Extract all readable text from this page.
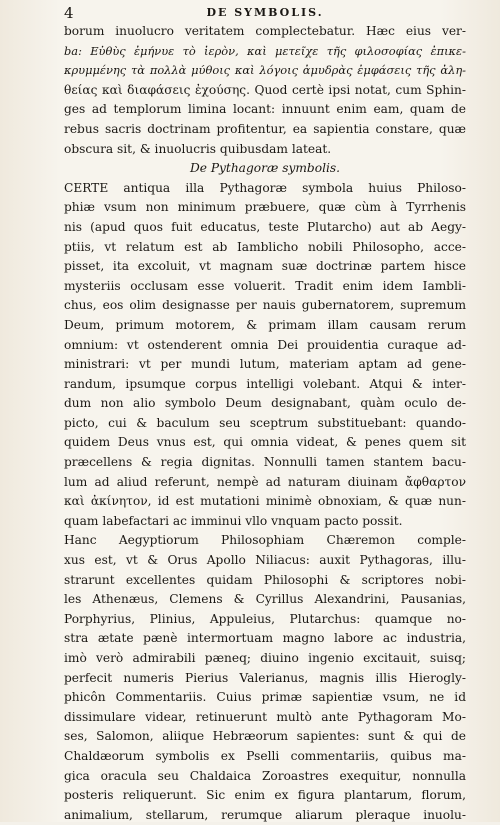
4	DE SYMBOLIS.
borum inuolucro veritatem complectebatur. Hæc eius ver-
ba: Εὐθὺς ἐμήνυε τὸ ἱερὸν, καὶ μετεῖχε τῆς φιλοσοφίας ἐπικε-
κρυμμένης τὰ πολλὰ μύθοις καὶ λόγοις ἀμυδρὰς ἐμφάσεις τῆς ἀλη-
θείας καὶ διαφάσεις ἐχούσης. Quod certè ipsi notat, cum Sphin-
ges ad templorum limina locant: innuunt enim eam, quam de
rebus sacris doctrinam profitentur, ea sapientia constare, quæ
obscura sit, & inuolucris quibusdam lateat.
De Pythagoræ symbolis.
CERTE antiqua illa Pythagoræ symbola huius Philoso-
phiæ vsum non minimum præbuere, quæ cùm à Tyrrhenis
nis (apud quos fuit educatus, teste Plutarcho) aut ab Aegy-
ptiis, vt relatum est ab Iamblicho nobili Philosopho, acce-
pisset, ita excoluit, vt magnam suæ doctrinæ partem hisce
mysteriis occlusam esse voluerit. Tradit enim idem Iambli-
chus, eos olim designasse per nauis gubernatorem, supremum
Deum, primum motorem, & primam illam causam rerum
omnium: vt ostenderent omnia Dei prouidentia curaque ad-
ministrari: vt per mundi lutum, materiam aptam ad gene-
randum, ipsumque corpus intelligi volebant. Atqui & inter-
dum non alio symbolo Deum designabant, quàm oculo de-
picto, cui & baculum seu sceptrum substituebant: quando-
quidem Deus vnus est, qui omnia videat, & penes quem sit
præcellens & regia dignitas. Nonnulli tamen stantem bacu-
lum ad aliud referunt, nempè ad naturam diuinam ἄφθαρτον
καὶ ἀκίνητον, id est mutationi minimè obnoxiam, & quæ nun-
quam labefactari ac imminui vllo vnquam pacto possit.
Hanc Aegyptiorum Philosophiam Chæremon comple-
xus est, vt & Orus Apollo Niliacus: auxit Pythagoras, illu-
strarunt excellentes quidam Philosophi & scriptores nobi-
les Athenæus, Clemens & Cyrillus Alexandrini, Pausanias,
Porphyrius, Plinius, Appuleius, Plutarchus: quamque no-
stra ætate pænè intermortuam magno labore ac industria,
imò verò admirabili pæneq; diuino ingenio excitauit, suisq;
perfecit numeris Pierius Valerianus, magnis illis Hierogly-
phicôn Commentariis. Cuius primæ sapientiæ vsum, ne id
dissimulare videar, retinuerunt multò ante Pythagoram Mo-
ses, Salomon, aliique Hebræorum sapientes: sunt & qui de
Chaldæorum symbolis ex Pselli commentariis, quibus ma-
gica oracula seu Chaldaica Zoroastres exequitur, nonnulla
posteris reliquerunt. Sic enim ex figura plantarum, florum,
animalium, stellarum, rerumque aliarum pleraque inuolu-
